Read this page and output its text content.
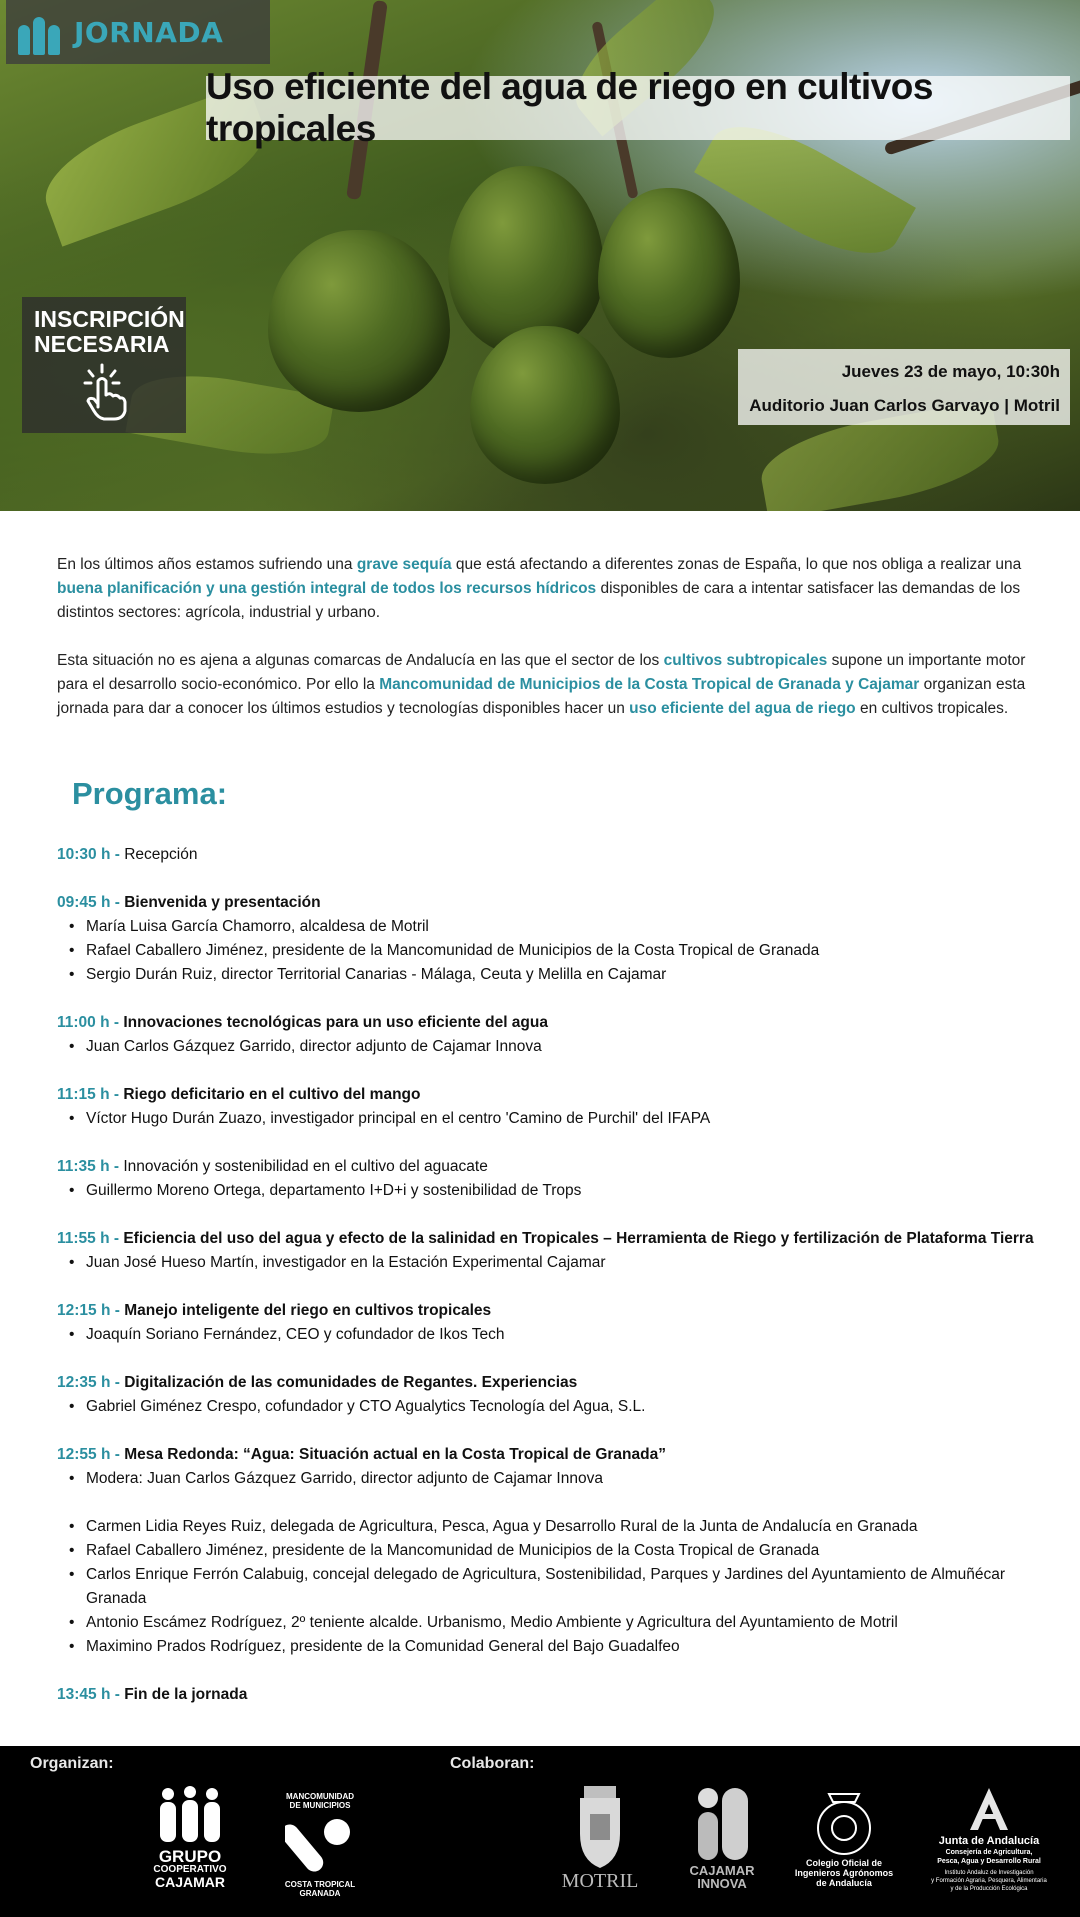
JORNADA
Uso eficiente del agua de riego en cultivos tropicales
INSCRIPCIÓN
NECESARIA
Jueves 23 de mayo, 10:30h
Auditorio Juan Carlos Garvayo | Motril

En los últimos años estamos sufriendo una grave sequía que está afectando a diferentes zonas de España, lo que nos obliga a realizar una buena planificación y una gestión integral de todos los recursos hídricos disponibles de cara a intentar satisfacer las demandas de los distintos sectores: agrícola, industrial y urbano.

Esta situación no es ajena a algunas comarcas de Andalucía en las que el sector de los cultivos subtropicales supone un importante motor para el desarrollo socio-económico. Por ello la Mancomunidad de Municipios de la Costa Tropical de Granada y Cajamar organizan esta jornada para dar a conocer los últimos estudios y tecnologías disponibles hacer un uso eficiente del agua de riego en cultivos tropicales.

Programa:
10:30 h - Recepción
09:45 h - Bienvenida y presentación
• María Luisa García Chamorro, alcaldesa de Motril
• Rafael Caballero Jiménez, presidente de la Mancomunidad de Municipios de la Costa Tropical de Granada
• Sergio Durán Ruiz, director Territorial Canarias - Málaga, Ceuta y Melilla en Cajamar
11:00 h - Innovaciones tecnológicas para un uso eficiente del agua
• Juan Carlos Gázquez Garrido, director adjunto de Cajamar Innova
11:15 h - Riego deficitario en el cultivo del mango
• Víctor Hugo Durán Zuazo, investigador principal en el centro 'Camino de Purchil' del IFAPA
11:35 h - Innovación y sostenibilidad en el cultivo del aguacate
• Guillermo Moreno Ortega, departamento I+D+i y sostenibilidad de Trops
11:55 h - Eficiencia del uso del agua y efecto de la salinidad en Tropicales – Herramienta de Riego y fertilización de Plataforma Tierra
• Juan José Hueso Martín, investigador en la Estación Experimental Cajamar
12:15 h - Manejo inteligente del riego en cultivos tropicales
• Joaquín Soriano Fernández, CEO y cofundador de Ikos Tech
12:35 h - Digitalización de las comunidades de Regantes. Experiencias
• Gabriel Giménez Crespo, cofundador y CTO Agualytics Tecnología del Agua, S.L.
12:55 h - Mesa Redonda: “Agua: Situación actual en la Costa Tropical de Granada”
• Modera: Juan Carlos Gázquez Garrido, director adjunto de Cajamar Innova
• Carmen Lidia Reyes Ruiz, delegada de Agricultura, Pesca, Agua y Desarrollo Rural de la Junta de Andalucía en Granada
• Rafael Caballero Jiménez, presidente de la Mancomunidad de Municipios de la Costa Tropical de Granada
• Carlos Enrique Ferrón Calabuig, concejal delegado de Agricultura, Sostenibilidad, Parques y Jardines del Ayuntamiento de Almuñécar Granada
• Antonio Escámez Rodríguez, 2º teniente alcalde. Urbanismo, Medio Ambiente y Agricultura del Ayuntamiento de Motril
• Maximino Prados Rodríguez, presidente de la Comunidad General del Bajo Guadalfeo
13:45 h - Fin de la jornada
Organizan:	Colaboran:
GRUPO
COOPERATIVO
CAJAMAR
MANCOMUNIDAD
DE MUNICIPIOS
COSTA TROPICAL
GRANADA
MOTRIL	CAJAMAR
INNOVA
Colegio Oficial de
Ingenieros Agrónomos
de Andalucía
Junta de Andalucía
Consejería de Agricultura,
Pesca, Agua y Desarrollo Rural
Instituto Andaluz de Investigación
y Formación Agraria, Pesquera, Alimentaria
y de la Producción Ecológica
